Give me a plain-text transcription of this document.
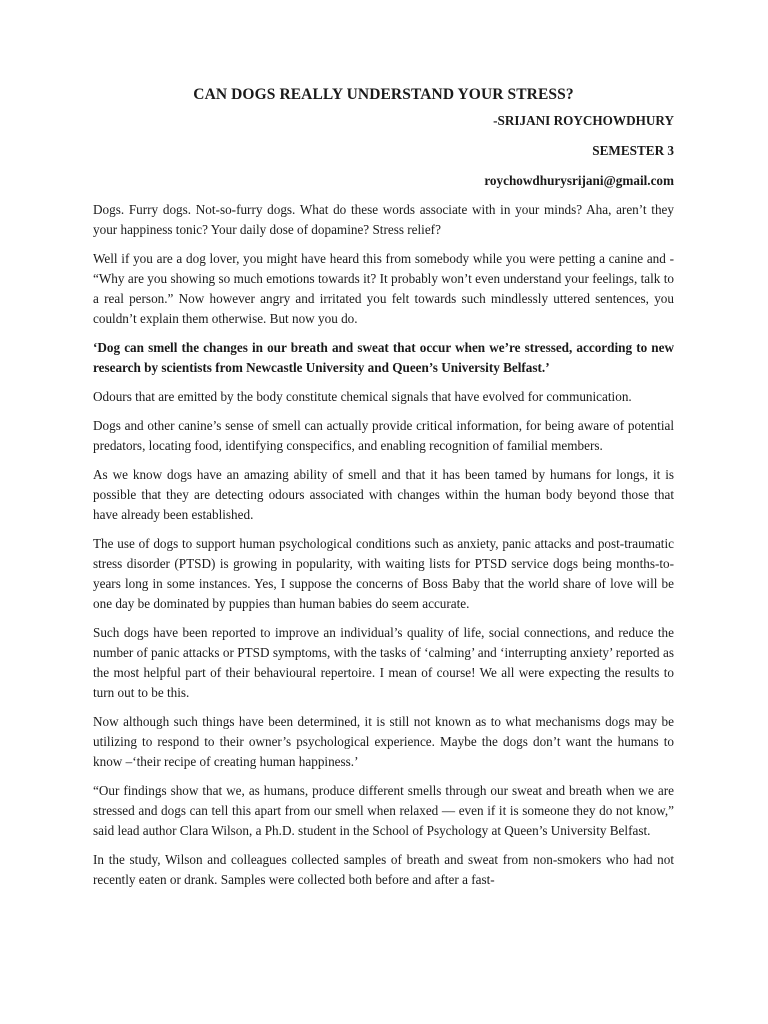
CAN DOGS REALLY UNDERSTAND YOUR STRESS?
-SRIJANI ROYCHOWDHURY
SEMESTER 3
roychowdhurysrijani@gmail.com

Dogs. Furry dogs. Not-so-furry dogs. What do these words associate with in your minds? Aha, aren’t they your happiness tonic? Your daily dose of dopamine? Stress relief?

Well if you are a dog lover, you might have heard this from somebody while you were petting a canine and - “Why are you showing so much emotions towards it? It probably won’t even understand your feelings, talk to a real person.” Now however angry and irritated you felt towards such mindlessly uttered sentences, you couldn’t explain them otherwise. But now you do.

‘Dog can smell the changes in our breath and sweat that occur when we’re stressed, according to new research by scientists from Newcastle University and Queen’s University Belfast.’

Odours that are emitted by the body constitute chemical signals that have evolved for communication.

Dogs and other canine’s sense of smell can actually provide critical information, for being aware of potential predators, locating food, identifying conspecifics, and enabling recognition of familial members.

As we know dogs have an amazing ability of smell and that it has been tamed by humans for longs, it is possible that they are detecting odours associated with changes within the human body beyond those that have already been established.

The use of dogs to support human psychological conditions such as anxiety, panic attacks and post-traumatic stress disorder (PTSD) is growing in popularity, with waiting lists for PTSD service dogs being months-to-years long in some instances. Yes, I suppose the concerns of Boss Baby that the world share of love will be one day be dominated by puppies than human babies do seem accurate.

Such dogs have been reported to improve an individual’s quality of life, social connections, and reduce the number of panic attacks or PTSD symptoms, with the tasks of ‘calming’ and ‘interrupting anxiety’ reported as the most helpful part of their behavioural repertoire. I mean of course! We all were expecting the results to turn out to be this.

Now although such things have been determined, it is still not known as to what mechanisms dogs may be utilizing to respond to their owner’s psychological experience. Maybe the dogs don’t want the humans to know –‘their recipe of creating human happiness.’

“Our findings show that we, as humans, produce different smells through our sweat and breath when we are stressed and dogs can tell this apart from our smell when relaxed — even if it is someone they do not know,” said lead author Clara Wilson, a Ph.D. student in the School of Psychology at Queen’s University Belfast.

In the study, Wilson and colleagues collected samples of breath and sweat from non-smokers who had not recently eaten or drank. Samples were collected both before and after a fast-
